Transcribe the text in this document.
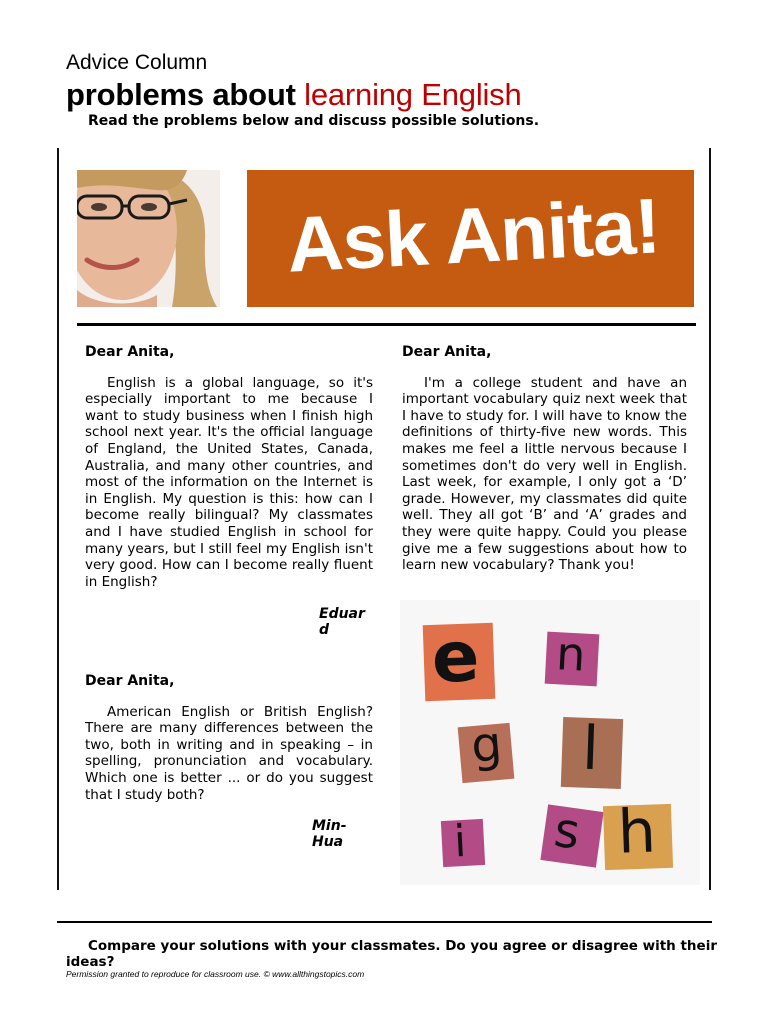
Advice Column
problems about learning English
Read the problems below and discuss possible solutions.
Ask Anita!
Dear Anita,
English is a global language, so it's especially important to me because I want to study business when I finish high school next year. It's the official language of England, the United States, Canada, Australia, and many other countries, and most of the information on the Internet is in English. My question is this: how can I become really bilingual? My classmates and I have studied English in school for many years, but I still feel my English isn't very good. How can I become really fluent in English?
Eduar
d
Dear Anita,
I'm a college student and have an important vocabulary quiz next week that I have to study for. I will have to know the definitions of thirty-five new words. This makes me feel a little nervous because I sometimes don't do very well in English. Last week, for example, I only got a ‘D’ grade. However, my classmates did quite well. They all got ‘B’ and ‘A’ grades and they were quite happy. Could you please give me a few suggestions about how to learn new vocabulary? Thank you!
Dear Anita,
American English or British English? There are many differences between the two, both in writing and in speaking – in spelling, pronunciation and vocabulary. Which one is better ... or do you suggest that I study both?
Min-
Hua
e n
g l
i s h
Compare your solutions with your classmates. Do you agree or disagree with their ideas?
Permission granted to reproduce for classroom use. © www.allthingstopics.com
